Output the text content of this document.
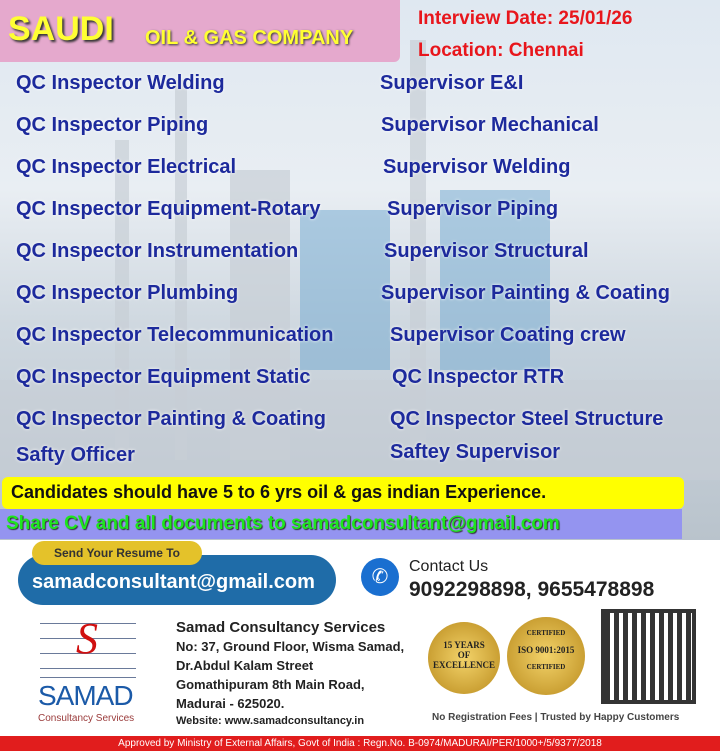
SAUDI OIL & GAS COMPANY
Interview Date: 25/01/26
Location: Chennai
QC Inspector Welding
QC Inspector Piping
QC Inspector Electrical
QC Inspector Equipment-Rotary
QC Inspector Instrumentation
QC Inspector Plumbing
QC Inspector Telecommunication
QC Inspector Equipment Static
QC Inspector Painting & Coating
Safty Officer
Supervisor E&I
Supervisor Mechanical
Supervisor Welding
Supervisor Piping
Supervisor Structural
Supervisor Painting & Coating
Supervisor Coating crew
QC Inspector RTR
QC Inspector Steel Structure
Saftey Supervisor
Candidates should have 5 to 6 yrs oil & gas indian Experience.
Share CV and all documents to samadconsultant@gmail.com
Send Your Resume To
samadconsultant@gmail.com	✆	Contact Us
9092298898, 9655478898
S
SAMAD
Consultancy Services
Samad Consultancy Services
No: 37, Ground Floor, Wisma Samad,
Dr.Abdul Kalam Street
Gomathipuram 8th Main Road,
Madurai - 625020.
Website: www.samadconsultancy.in
15 YEARS
OF
EXCELLENCE
CERTIFIED
ISO 9001:2015
CERTIFIED
No Registration Fees | Trusted by Happy Customers
Approved by Ministry of External Affairs, Govt of India : Regn.No. B-0974/MADURAI/PER/1000+/5/9377/2018
